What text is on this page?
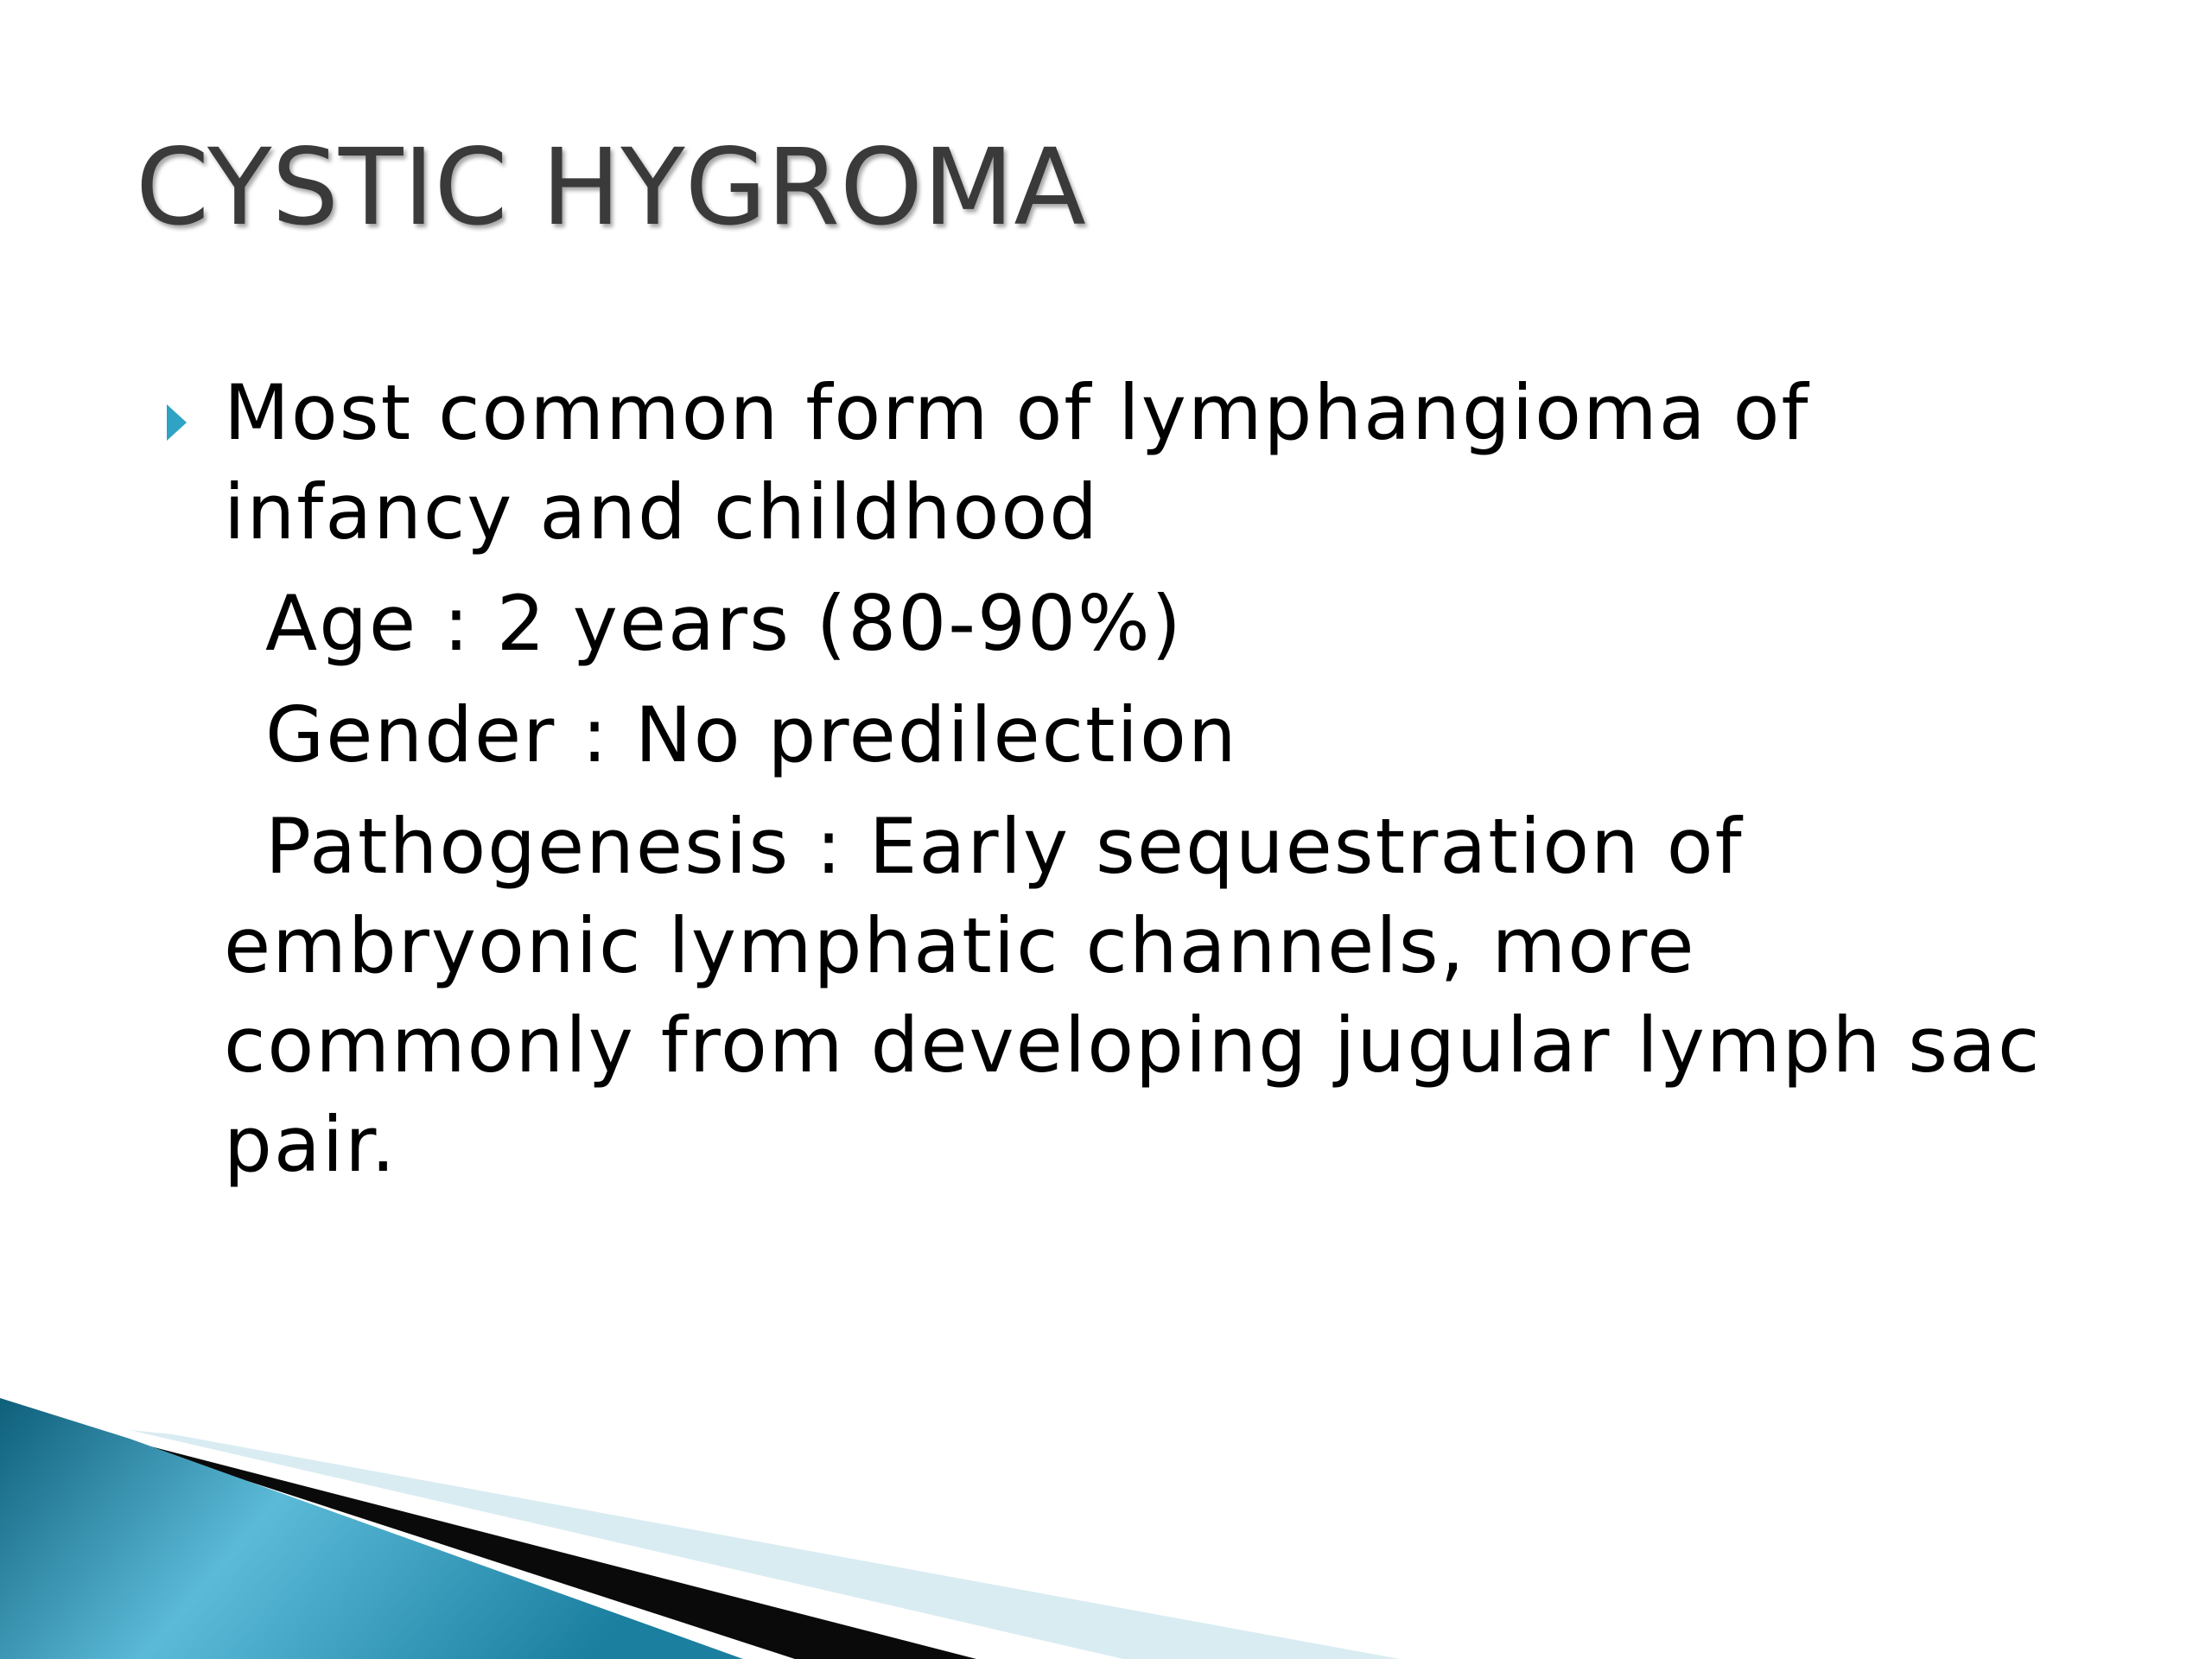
CYSTIC HYGROMA
Most common form of lymphangioma of
infancy and childhood
Age : 2 years (80-90%)
Gender : No predilection
Pathogenesis : Early sequestration of
embryonic lymphatic channels, more
commonly from developing jugular lymph sac
pair.
